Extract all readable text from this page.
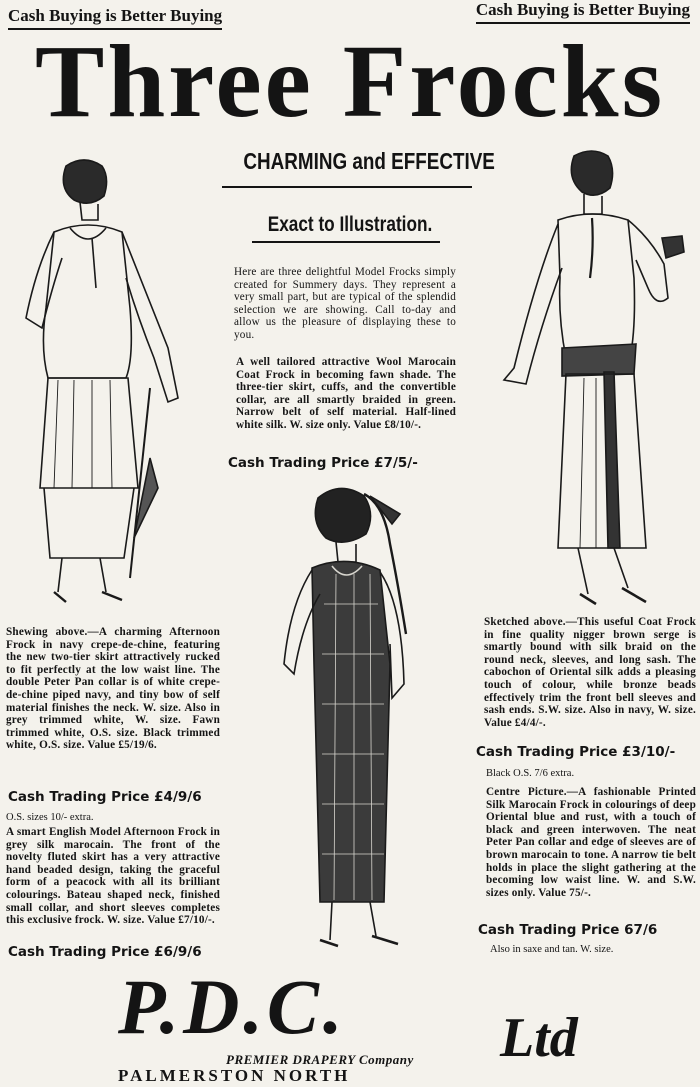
Cash Buying is Better Buying	Cash Buying is Better Buying
Three Frocks
CHARMING and EFFECTIVE
Exact to Illustration.
Here are three delightful Model Frocks simply created for Summery days. They represent a very small part, but are typical of the splendid selection we are showing. Call to-day and allow us the pleasure of displaying these to you.
A well tailored attractive Wool Marocain Coat Frock in becoming fawn shade. The three-tier skirt, cuffs, and the convertible collar, are all smartly braided in green. Narrow belt of self material. Half-lined white silk. W. size only. Value £8/10/-.
Cash Trading Price £7/5/-
Shewing above.—A charming Afternoon Frock in navy crepe-de-chine, featuring the new two-tier skirt attractively rucked to fit perfectly at the low waist line. The double Peter Pan collar is of white crepe-de-chine piped navy, and tiny bow of self material finishes the neck. W. size. Also in grey trimmed white, W. size. Fawn trimmed white, O.S. size. Black trimmed white, O.S. size. Value £5/19/6.
Cash Trading Price £4/9/6
O.S. sizes 10/- extra.
A smart English Model Afternoon Frock in grey silk marocain. The front of the novelty fluted skirt has a very attractive hand beaded design, taking the graceful form of a peacock with all its brilliant colourings. Bateau shaped neck, finished small collar, and short sleeves completes this exclusive frock. W. size. Value £7/10/-.
Cash Trading Price £6/9/6
Sketched above.—This useful Coat Frock in fine quality nigger brown serge is smartly bound with silk braid on the round neck, sleeves, and long sash. The cabochon of Oriental silk adds a pleasing touch of colour, while bronze beads effectively trim the front bell sleeves and sash ends. S.W. size. Also in navy, W. size. Value £4/4/-.
Cash Trading Price £3/10/-
Black O.S. 7/6 extra.
Centre Picture.—A fashionable Printed Silk Marocain Frock in colourings of deep Oriental blue and rust, with a touch of black and green interwoven. The neat Peter Pan collar and edge of sleeves are of brown marocain to tone. A narrow tie belt holds in place the slight gathering at the becoming low waist line. W. and S.W. sizes only. Value 75/-.
Cash Trading Price 67/6
Also in saxe and tan. W. size.
P.D.C.	Ltd
PREMIER DRAPERY Company
PALMERSTON NORTH
